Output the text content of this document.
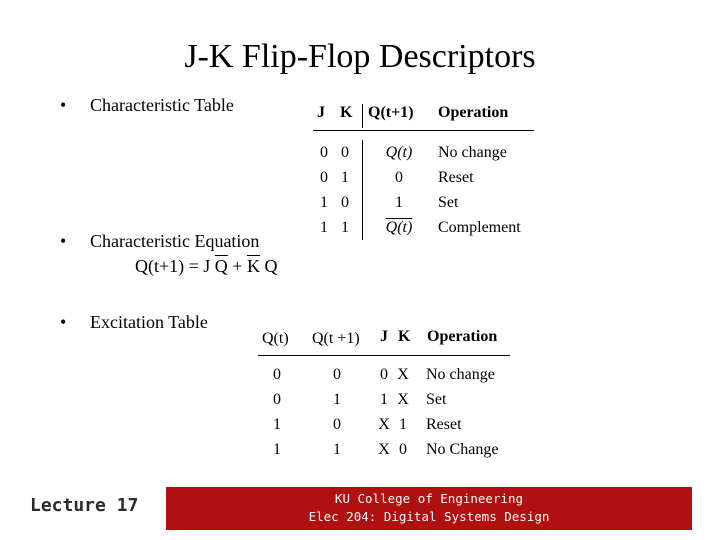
J-K Flip-Flop Descriptors
• Characteristic Table
• Characteristic Equation
Q(t+1) = J $\overline{Q} + \overline{K}$ Q
• Excitation Table
J K Q(t+1) Operation
0
0
1
1
0
1
0
1
Q(t)
0
1
Q(t)
No change
Reset
Set
Complement
Q(t) Q(t +1) J K Operation
0
0
1
1
0
1
0
1
0
1
X
X
X
X
1
0
No change
Set
Reset
No Change
Lecture 17	KU College of Engineering
Elec 204: Digital Systems Design
